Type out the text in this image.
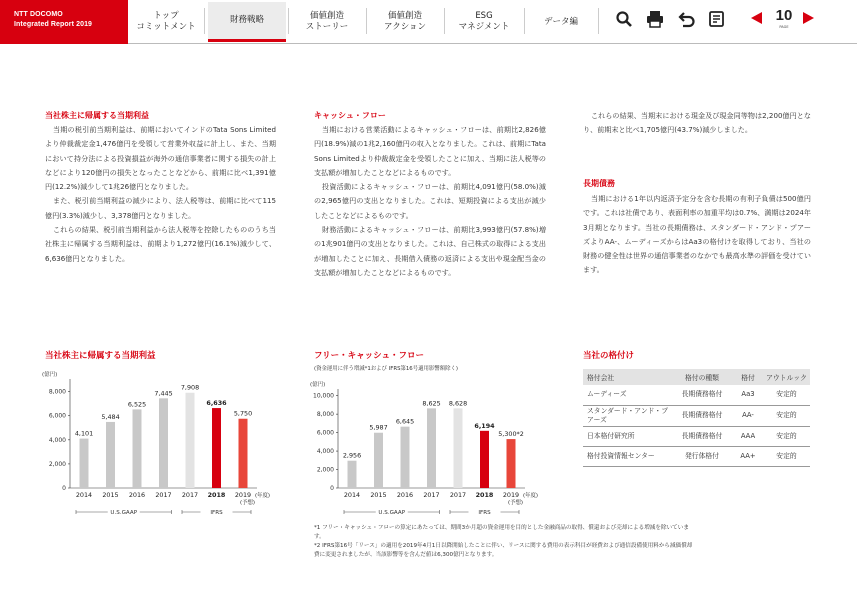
NTT DOCOMO
Integrated Report 2019
トップ
コミットメント
財務戦略	価値創造
ストーリー
価値創造
アクション
ESG
マネジメント
データ編	10
PAGE
当社株主に帰属する当期利益

当期の税引前当期利益は、前期においてインドのTata Sons Limitedより仲裁裁定金1,476億円を受領して営業外収益に計上し、また、当期において持分法による投資損益が海外の通信事業者に関する損失の計上などにより120億円の損失となったことなどから、前期に比べ1,391億円(12.2%)減少して1兆26億円となりました。

また、税引前当期利益の減少により、法人税等は、前期に比べて115億円(3.3%)減少し、3,378億円となりました。

これらの結果、税引前当期利益から法人税等を控除したもののうち当社株主に帰属する当期利益は、前期より1,272億円(16.1%)減少して、6,636億円となりました。

キャッシュ・フロー

当期における営業活動によるキャッシュ・フローは、前期比2,826億円(18.9%)減の1兆2,160億円の収入となりました。これは、前期にTata Sons Limitedより仲裁裁定金を受領したことに加え、当期に法人税等の支払額が増加したことなどによるものです。

投資活動によるキャッシュ・フローは、前期比4,091億円(58.0%)減の2,965億円の支出となりました。これは、短期投資による支出が減少したことなどによるものです。

財務活動によるキャッシュ・フローは、前期比3,993億円(57.8%)増の1兆901億円の支出となりました。これは、自己株式の取得による支出が増加したことに加え、長期借入債務の返済による支出や現金配当金の支払額が増加したことなどによるものです。

これらの結果、当期末における現金及び現金同等物は2,200億円となり、前期末と比べ1,705億円(43.7%)減少しました。

長期債務

当期における1年以内返済予定分を含む長期の有利子負債は500億円です。これは社債であり、表面利率の加重平均は0.7%、満期は2024年3月期となります。当社の長期債務は、スタンダード・アンド・プアーズよりAA-、ムーディーズからはAa3の格付けを取得しており、当社の財務の健全性は世界の通信事業者のなかでも最高水準の評価を受けています。

当社株主に帰属する当期利益
(億円)
0
2,000
4,000
6,000
8,000
4,101
2014
5,484
2015
6,525
2016
7,445
2017
7,908
2017
6,636
2018
5,750
2019 (年度)
(予想)
U.S.GAAP	IFRS
フリー・キャッシュ・フロー
(資金運用に伴う増減*1および IFRS第16号適用影響額除く)
(億円)
0
2,000
4,000
6,000
8,000
10,000
2,956
2014
5,987
2015
6,645
2016
8,625
2017
8,628
2017
6,194
2018
5,300*2
2019 (年度)
(予想)
U.S.GAAP	IFRS
当社の格付け
格付会社	格付の種類	格付	アウトルック
ムーディーズ	長期債務格付	Aa3	安定的
スタンダード・アンド・プアーズ	長期債務格付	AA-	安定的
日本格付研究所	長期債務格付	AAA	安定的
格付投資情報センター	発行体格付	AA+	安定的
*1 フリー・キャッシュ・フローの算定にあたっては、期間3か月超の資金運用を目的とした金融商品の取得、償還および売却による増減を除いています。
*2 IFRS第16号「リース」の適用を2019年4月1日以降開始したことに伴い、リースに関する費用の表示科目が経費および通信設備使用料から減価償却費に変更されましたが、当該影響等を含んだ値は6,300億円となります。
